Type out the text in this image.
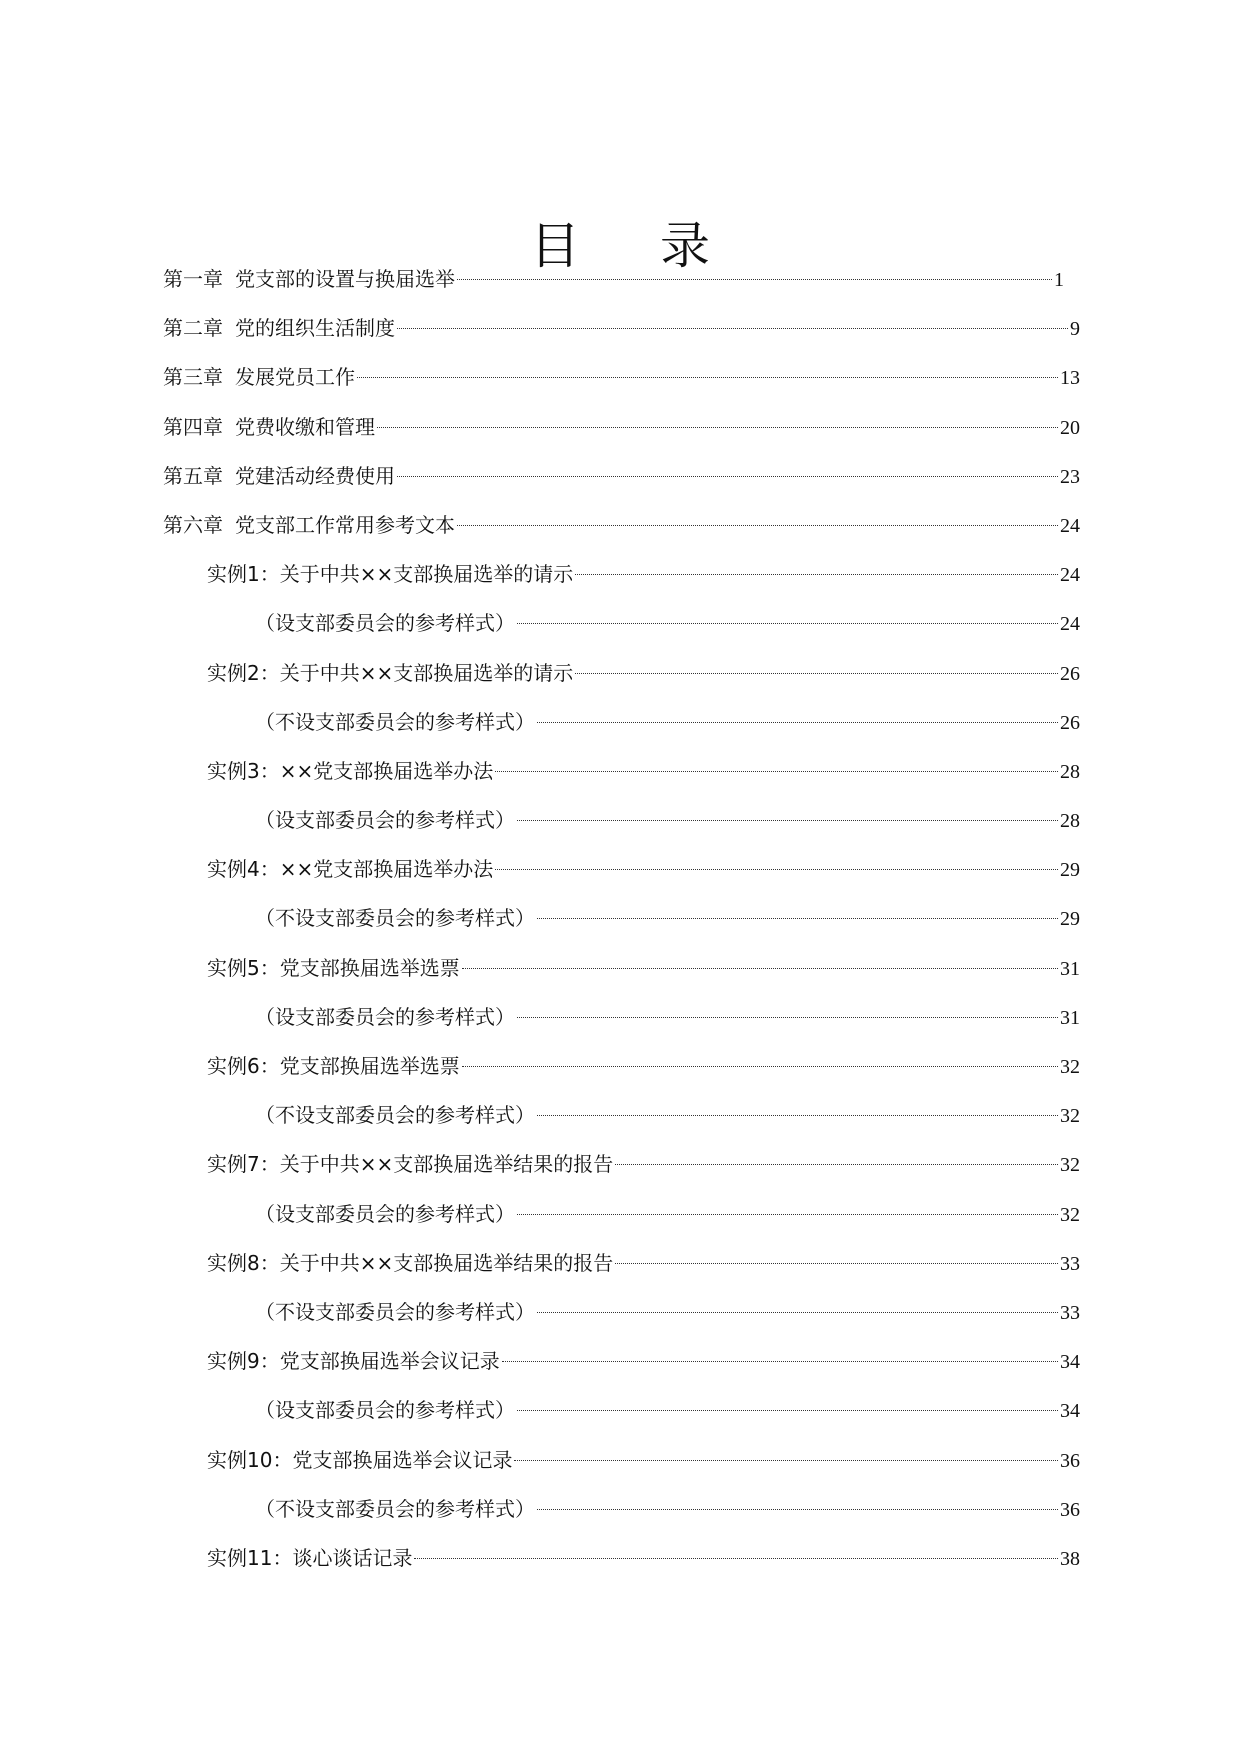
目 录
第一章 党支部的设置与换届选举	1
第二章 党的组织生活制度	9
第三章 发展党员工作	13
第四章 党费收缴和管理	20
第五章 党建活动经费使用	23
第六章 党支部工作常用参考文本	24
实例1：关于中共××支部换届选举的请示	24
（设支部委员会的参考样式）	24
实例2：关于中共××支部换届选举的请示	26
（不设支部委员会的参考样式）	26
实例3：××党支部换届选举办法	28
（设支部委员会的参考样式）	28
实例4：××党支部换届选举办法	29
（不设支部委员会的参考样式）	29
实例5：党支部换届选举选票	31
（设支部委员会的参考样式）	31
实例6：党支部换届选举选票	32
（不设支部委员会的参考样式）	32
实例7：关于中共××支部换届选举结果的报告	32
（设支部委员会的参考样式）	32
实例8：关于中共××支部换届选举结果的报告	33
（不设支部委员会的参考样式）	33
实例9：党支部换届选举会议记录	34
（设支部委员会的参考样式）	34
实例10：党支部换届选举会议记录	36
（不设支部委员会的参考样式）	36
实例11：谈心谈话记录	38
